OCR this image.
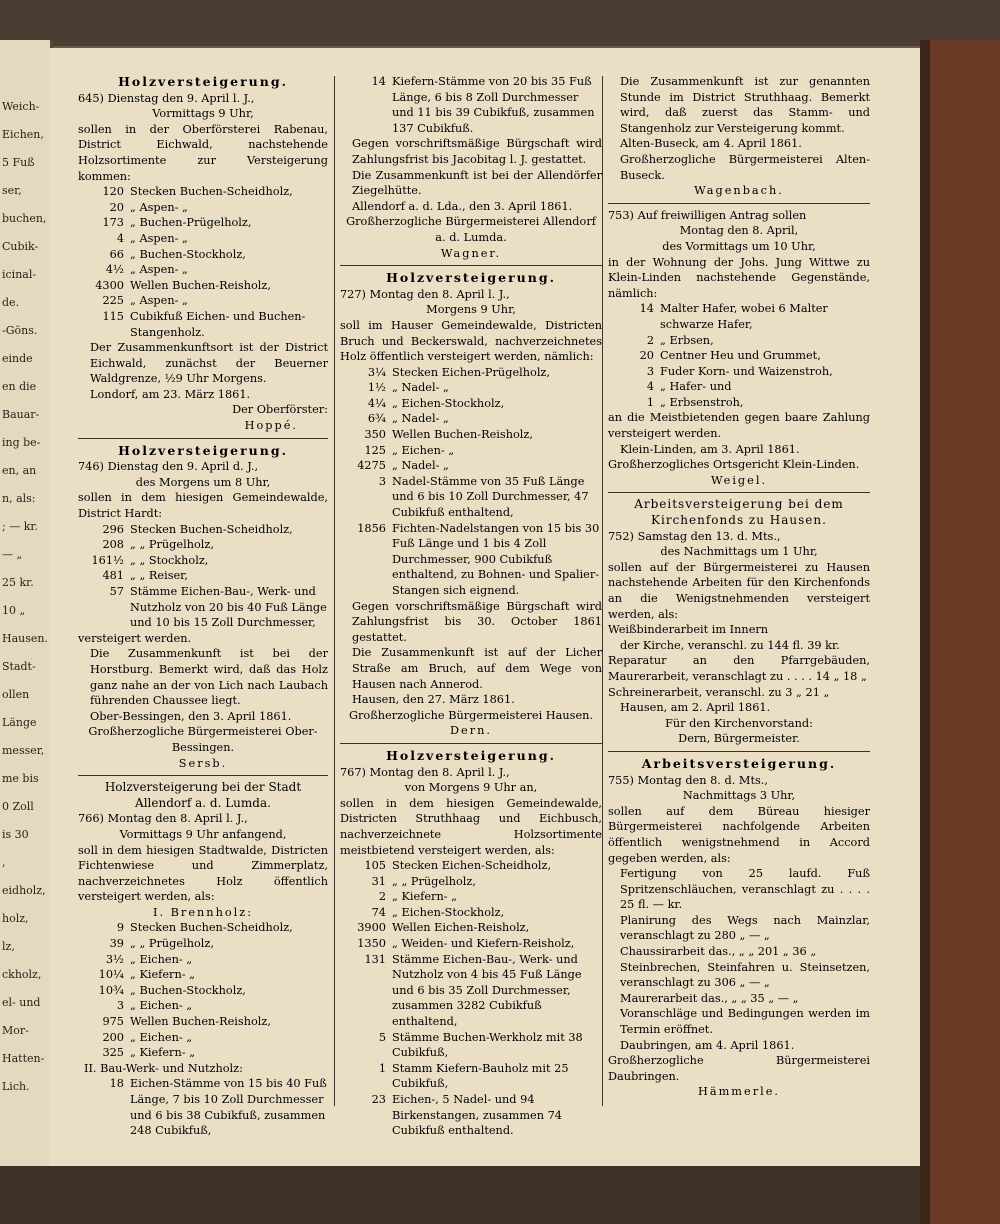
Weich-
Eichen,
5 Fuß
ser,
buchen,
Cubik-
icinal-
de.
-Göns.
einde
en die
Bauar-
ing be-
en, an
n, als:
; — kr.
— „
25 kr.
10 „
Hausen.
Stadt-
ollen
Länge
messer,
me bis
0 Zoll
is 30
,
eidholz,
holz,
lz,
ckholz,
el- und
Mor-
Hatten-
Lich.

Holzversteigerung.

645) Dienstag den 9. April l. J.,

Vormittags 9 Uhr,

sollen in der Oberförsterei Rabenau, District Eichwald, nachstehende Holzsortimente zur Versteigerung kommen:

120 Stecken Buchen-Scheidholz,
20 „ Aspen- „
173 „ Buchen-Prügelholz,
4 „ Aspen- „
66 „ Buchen-Stockholz,
4½ „ Aspen- „
4300 Wellen Buchen-Reisholz,
225 „ Aspen- „
115 Cubikfuß Eichen- und Buchen-Stangenholz.

Der Zusammenkunftsort ist der District Eichwald, zunächst der Beuerner Waldgrenze, ½9 Uhr Morgens.

Londorf, am 23. März 1861.

Der Oberförster:

Hoppé.

Holzversteigerung.

746) Dienstag den 9. April d. J.,

des Morgens um 8 Uhr,

sollen in dem hiesigen Gemeindewalde, District Hardt:

296 Stecken Buchen-Scheidholz,
208 „ „ Prügelholz,
161½ „ „ Stockholz,
481 „ „ Reiser,
57 Stämme Eichen-Bau-, Werk- und Nutzholz von 20 bis 40 Fuß Länge und 10 bis 15 Zoll Durchmesser,

versteigert werden.

Die Zusammenkunft ist bei der Horstburg. Bemerkt wird, daß das Holz ganz nahe an der von Lich nach Laubach führenden Chaussee liegt.

Ober-Bessingen, den 3. April 1861.

Großherzogliche Bürgermeisterei Ober-Bessingen.

Sersb.

Holzversteigerung bei der Stadt Allendorf a. d. Lumda.

766) Montag den 8. April l. J.,

Vormittags 9 Uhr anfangend,

soll in dem hiesigen Stadtwalde, Districten Fichtenwiese und Zimmerplatz, nachverzeichnetes Holz öffentlich versteigert werden, als:

I. Brennholz:

9 Stecken Buchen-Scheidholz,
39 „ „ Prügelholz,
3½ „ Eichen- „
10¼ „ Kiefern- „
10¾ „ Buchen-Stockholz,
3 „ Eichen- „
975 Wellen Buchen-Reisholz,
200 „ Eichen- „
325 „ Kiefern- „

II. Bau-Werk- und Nutzholz:

18 Eichen-Stämme von 15 bis 40 Fuß Länge, 7 bis 10 Zoll Durchmesser und 6 bis 38 Cubikfuß, zusammen 248 Cubikfuß,
14 Kiefern-Stämme von 20 bis 35 Fuß Länge, 6 bis 8 Zoll Durchmesser und 11 bis 39 Cubikfuß, zusammen 137 Cubikfuß.

Gegen vorschriftsmäßige Bürgschaft wird Zahlungsfrist bis Jacobitag l. J. gestattet.

Die Zusammenkunft ist bei der Allendörfer Ziegelhütte.

Allendorf a. d. Lda., den 3. April 1861.

Großherzogliche Bürgermeisterei Allendorf a. d. Lumda.

Wagner.

Holzversteigerung.

727) Montag den 8. April l. J.,

Morgens 9 Uhr,

soll im Hauser Gemeindewalde, Districten Bruch und Beckerswald, nachverzeichnetes Holz öffentlich versteigert werden, nämlich:

3¼ Stecken Eichen-Prügelholz,
1½ „ Nadel- „
4¼ „ Eichen-Stockholz,
6¾ „ Nadel- „
350 Wellen Buchen-Reisholz,
125 „ Eichen- „
4275 „ Nadel- „
3 Nadel-Stämme von 35 Fuß Länge und 6 bis 10 Zoll Durchmesser, 47 Cubikfuß enthaltend,
1856 Fichten-Nadelstangen von 15 bis 30 Fuß Länge und 1 bis 4 Zoll Durchmesser, 900 Cubikfuß enthaltend, zu Bohnen- und Spalier-Stangen sich eignend.

Gegen vorschriftsmäßige Bürgschaft wird Zahlungsfrist bis 30. October 1861 gestattet.

Die Zusammenkunft ist auf der Licher Straße am Bruch, auf dem Wege von Hausen nach Annerod.

Hausen, den 27. März 1861.

Großherzogliche Bürgermeisterei Hausen.

Dern.

Holzversteigerung.

767) Montag den 8. April l. J.,

von Morgens 9 Uhr an,

sollen in dem hiesigen Gemeindewalde, Districten Struthhaag und Eichbusch, nachverzeichnete Holzsortimente meistbietend versteigert werden, als:

105 Stecken Eichen-Scheidholz,
31 „ „ Prügelholz,
2 „ Kiefern- „
74 „ Eichen-Stockholz,
3900 Wellen Eichen-Reisholz,
1350 „ Weiden- und Kiefern-Reisholz,
131 Stämme Eichen-Bau-, Werk- und Nutzholz von 4 bis 45 Fuß Länge und 6 bis 35 Zoll Durchmesser, zusammen 3282 Cubikfuß enthaltend,
5 Stämme Buchen-Werkholz mit 38 Cubikfuß,
1 Stamm Kiefern-Bauholz mit 25 Cubikfuß,
23 Eichen-, 5 Nadel- und 94 Birkenstangen, zusammen 74 Cubikfuß enthaltend.

Die Zusammenkunft ist zur genannten Stunde im District Struthhaag. Bemerkt wird, daß zuerst das Stamm- und Stangenholz zur Versteigerung kommt.

Alten-Buseck, am 4. April 1861.

Großherzogliche Bürgermeisterei Alten-Buseck.

Wagenbach.

753) Auf freiwilligen Antrag sollen

Montag den 8. April,

des Vormittags um 10 Uhr,

in der Wohnung der Johs. Jung Wittwe zu Klein-Linden nachstehende Gegenstände, nämlich:

14 Malter Hafer, wobei 6 Malter schwarze Hafer,
2 „ Erbsen,
20 Centner Heu und Grummet,
3 Fuder Korn- und Waizenstroh,
4 „ Hafer- und
1 „ Erbsenstroh,

an die Meistbietenden gegen baare Zahlung versteigert werden.

Klein-Linden, am 3. April 1861.

Großherzogliches Ortsgericht Klein-Linden.

Weigel.

Arbeitsversteigerung bei dem Kirchenfonds zu Hausen.

752) Samstag den 13. d. Mts.,

des Nachmittags um 1 Uhr,

sollen auf der Bürgermeisterei zu Hausen nachstehende Arbeiten für den Kirchenfonds an die Wenigstnehmenden versteigert werden, als:

Weißbinderarbeit im Innern

der Kirche, veranschl. zu 144 fl. 39 kr.

Reparatur an den Pfarrgebäuden, Maurerarbeit, veranschlagt zu . . . . 14 „ 18 „

Schreinerarbeit, veranschl. zu 3 „ 21 „

Hausen, am 2. April 1861.

Für den Kirchenvorstand:

Dern, Bürgermeister.

Arbeitsversteigerung.

755) Montag den 8. d. Mts.,

Nachmittags 3 Uhr,

sollen auf dem Büreau hiesiger Bürgermeisterei nachfolgende Arbeiten öffentlich wenigstnehmend in Accord gegeben werden, als:

Fertigung von 25 laufd. Fuß Spritzenschläuchen, veranschlagt zu . . . . 25 fl. — kr.

Planirung des Wegs nach Mainzlar, veranschlagt zu 280 „ — „

Chaussirarbeit das., „ „ 201 „ 36 „

Steinbrechen, Steinfahren u. Steinsetzen, veranschlagt zu 306 „ — „

Maurerarbeit das., „ „ 35 „ — „

Voranschläge und Bedingungen werden im Termin eröffnet.

Daubringen, am 4. April 1861.

Großherzogliche Bürgermeisterei Daubringen.

Hämmerle.
